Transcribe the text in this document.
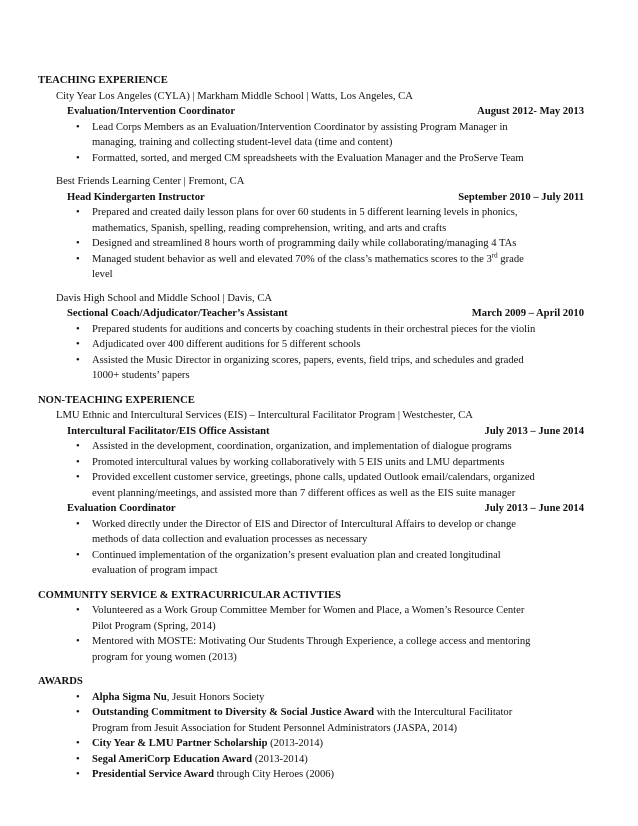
TEACHING EXPERIENCE
City Year Los Angeles (CYLA) | Markham Middle School | Watts, Los Angeles, CA
Evaluation/Intervention Coordinator	August 2012- May 2013
• Lead Corps Members as an Evaluation/Intervention Coordinator by assisting Program Manager in
managing, training and collecting student-level data (time and content)
• Formatted, sorted, and merged CM spreadsheets with the Evaluation Manager and the ProServe Team
Best Friends Learning Center | Fremont, CA
Head Kindergarten Instructor	September 2010 – July 2011
• Prepared and created daily lesson plans for over 60 students in 5 different learning levels in phonics,
mathematics, Spanish, spelling, reading comprehension, writing, and arts and crafts
• Designed and streamlined 8 hours worth of programming daily while collaborating/managing 4 TAs
• Managed student behavior as well and elevated 70% of the class’s mathematics scores to the 3rd grade
level
Davis High School and Middle School | Davis, CA
Sectional Coach/Adjudicator/Teacher’s Assistant	March 2009 – April 2010
• Prepared students for auditions and concerts by coaching students in their orchestral pieces for the violin
• Adjudicated over 400 different auditions for 5 different schools
• Assisted the Music Director in organizing scores, papers, events, field trips, and schedules and graded
1000+ students’ papers
NON-TEACHING EXPERIENCE
LMU Ethnic and Intercultural Services (EIS) – Intercultural Facilitator Program | Westchester, CA
Intercultural Facilitator/EIS Office Assistant	July 2013 – June 2014
• Assisted in the development, coordination, organization, and implementation of dialogue programs
• Promoted intercultural values by working collaboratively with 5 EIS units and LMU departments
• Provided excellent customer service, greetings, phone calls, updated Outlook email/calendars, organized
event planning/meetings, and assisted more than 7 different offices as well as the EIS suite manager
Evaluation Coordinator	July 2013 – June 2014
• Worked directly under the Director of EIS and Director of Intercultural Affairs to develop or change
methods of data collection and evaluation processes as necessary
• Continued implementation of the organization’s present evaluation plan and created longitudinal
evaluation of program impact
COMMUNITY SERVICE & EXTRACURRICULAR ACTIVTIES
• Volunteered as a Work Group Committee Member for Women and Place, a Women’s Resource Center
Pilot Program (Spring, 2014)
• Mentored with MOSTE: Motivating Our Students Through Experience, a college access and mentoring
program for young women (2013)
AWARDS
• Alpha Sigma Nu, Jesuit Honors Society
• Outstanding Commitment to Diversity & Social Justice Award with the Intercultural Facilitator
Program from Jesuit Association for Student Personnel Administrators (JASPA, 2014)
• City Year & LMU Partner Scholarship (2013-2014)
• Segal AmeriCorp Education Award (2013-2014)
• Presidential Service Award through City Heroes (2006)
